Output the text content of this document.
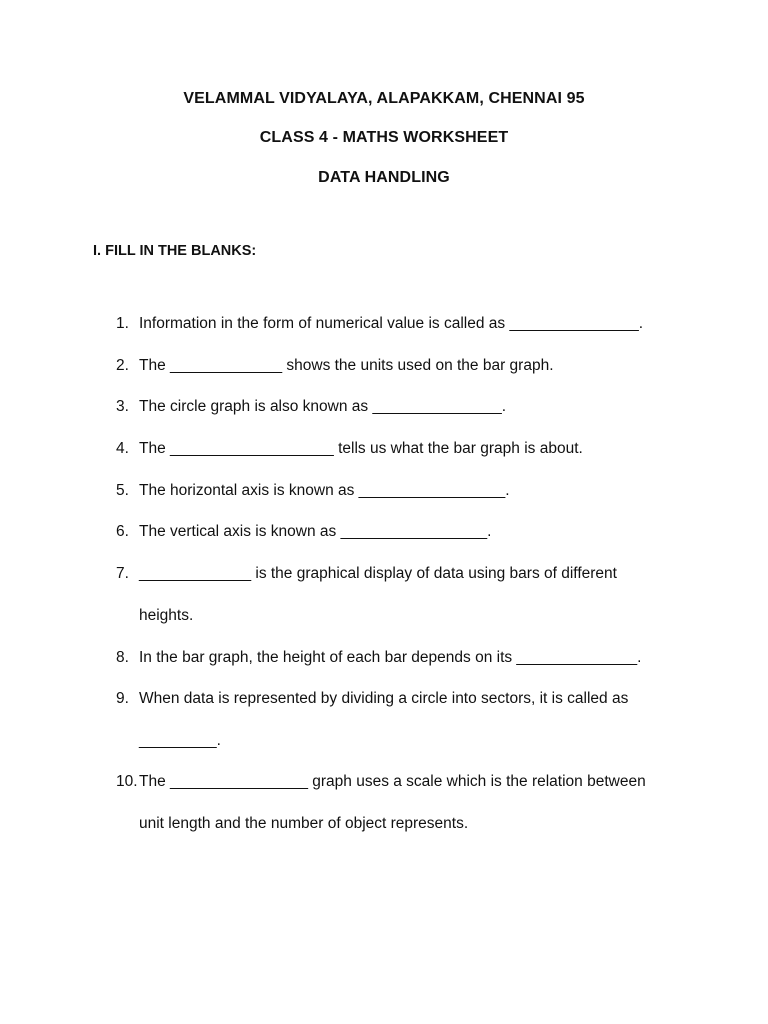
VELAMMAL VIDYALAYA, ALAPAKKAM, CHENNAI 95
CLASS 4 - MATHS WORKSHEET
DATA HANDLING
I. FILL IN THE BLANKS:
1. Information in the form of numerical value is called as _______________.
2. The _____________ shows the units used on the bar graph.
3. The circle graph is also known as _______________.
4. The ___________________ tells us what the bar graph is about.
5. The horizontal axis is known as _________________.
6. The vertical axis is known as _________________.
7. _____________ is the graphical display of data using bars of different
heights.
8. In the bar graph, the height of each bar depends on its ______________.
9. When data is represented by dividing a circle into sectors, it is called as
_________.
10. The ________________ graph uses a scale which is the relation between
unit length and the number of object represents.
